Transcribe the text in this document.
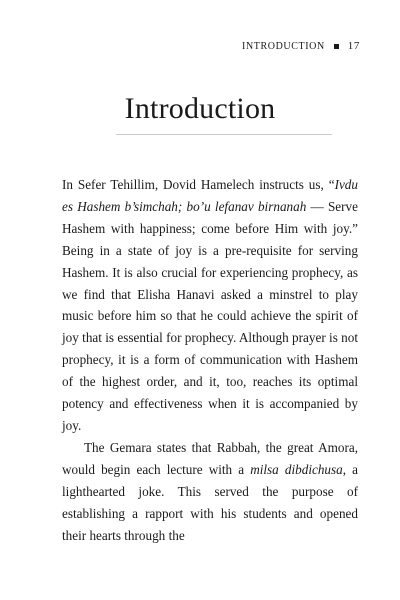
INTRODUCTION 17
Introduction

In Sefer Tehillim, Dovid Hamelech instructs us, “Ivdu es Hashem b’simchah; bo’u lefanav birnanah — Serve Hashem with happiness; come before Him with joy.” Being in a state of joy is a pre-requisite for serving Hashem. It is also crucial for experiencing prophecy, as we find that Elisha Hanavi asked a minstrel to play music before him so that he could achieve the spirit of joy that is essential for prophecy. Although prayer is not prophecy, it is a form of communication with Hashem of the highest order, and it, too, reaches its optimal potency and effectiveness when it is accompanied by joy.

The Gemara states that Rabbah, the great Amora, would begin each lecture with a milsa dibdichusa, a lighthearted joke. This served the purpose of establishing a rapport with his students and opened their hearts through the
